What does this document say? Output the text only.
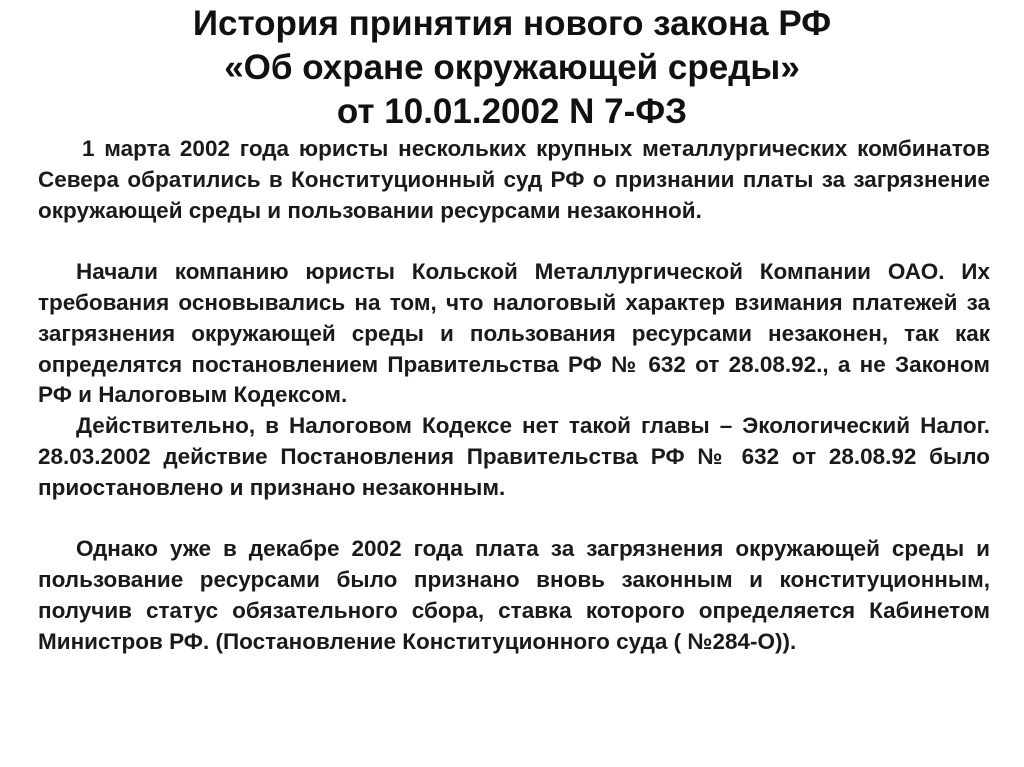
История принятия нового закона РФ
«Об охране окружающей среды»
от 10.01.2002 N 7-ФЗ

1 марта 2002 года юристы нескольких крупных металлургических комбинатов Севера обратились в Конституционный суд РФ о признании платы за загрязнение окружающей среды и пользовании ресурсами незаконной.

Начали компанию юристы Кольской Металлургической Компании ОАО. Их требования основывались на том, что налоговый характер взимания платежей за загрязнения окружающей среды и пользования ресурсами незаконен, так как определятся постановлением Правительства РФ № 632 от 28.08.92., а не Законом РФ и Налоговым Кодексом.

Действительно, в Налоговом Кодексе нет такой главы – Экологический Налог. 28.03.2002 действие Постановления Правительства РФ № 632 от 28.08.92 было приостановлено и признано незаконным.

Однако уже в декабре 2002 года плата за загрязнения окружающей среды и пользование ресурсами было признано вновь законным и конституционным, получив статус обязательного сбора, ставка которого определяется Кабинетом Министров РФ. (Постановление Конституционного суда ( №284-О)).
